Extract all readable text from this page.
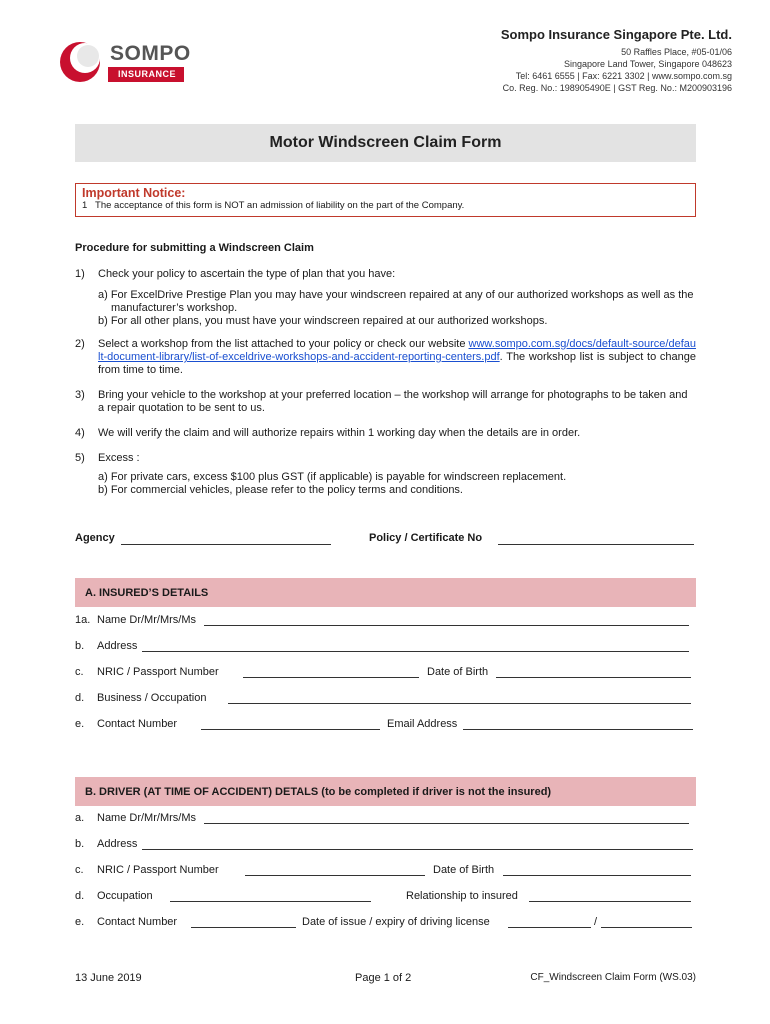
SOMPO
INSURANCE
Sompo Insurance Singapore Pte. Ltd.
50 Raffles Place, #05-01/06
Singapore Land Tower, Singapore 048623
Tel: 6461 6555 | Fax: 6221 3302 | www.sompo.com.sg
Co. Reg. No.: 198905490E | GST Reg. No.: M200903196
Motor Windscreen Claim Form
Important Notice:
1 The acceptance of this form is NOT an admission of liability on the part of the Company.
Procedure for submitting a Windscreen Claim
1) Check your policy to ascertain the type of plan that you have:

a) For ExcelDrive Prestige Plan you may have your windscreen repaired at any of our authorized workshops as well as the manufacturer’s workshop.

b) For all other plans, you must have your windscreen repaired at our authorized workshops.

2) Select a workshop from the list attached to your policy or check our website www.sompo.com.sg/docs/default-source/default-document-library/list-of-exceldrive-workshops-and-accident-reporting-centers.pdf. The workshop list is subject to change from time to time.
3) Bring your vehicle to the workshop at your preferred location – the workshop will arrange for photographs to be taken and a repair quotation to be sent to us.
4) We will verify the claim and will authorize repairs within 1 working day when the details are in order.
5) Excess :

a) For private cars, excess $100 plus GST (if applicable) is payable for windscreen replacement.

b) For commercial vehicles, please refer to the policy terms and conditions.

Agency	Policy / Certificate No
A. INSURED’S DETAILS
1a. Name Dr/Mr/Mrs/Ms
b. Address
c. NRIC / Passport Number	Date of Birth
d. Business / Occupation
e. Contact Number	Email Address
B. DRIVER (AT TIME OF ACCIDENT) DETALS (to be completed if driver is not the insured)
a. Name Dr/Mr/Mrs/Ms
b. Address
c. NRIC / Passport Number	Date of Birth
d. Occupation	Relationship to insured
e. Contact Number	Date of issue / expiry of driving license	/
13 June 2019	Page 1 of 2	CF_Windscreen Claim Form (WS.03)
